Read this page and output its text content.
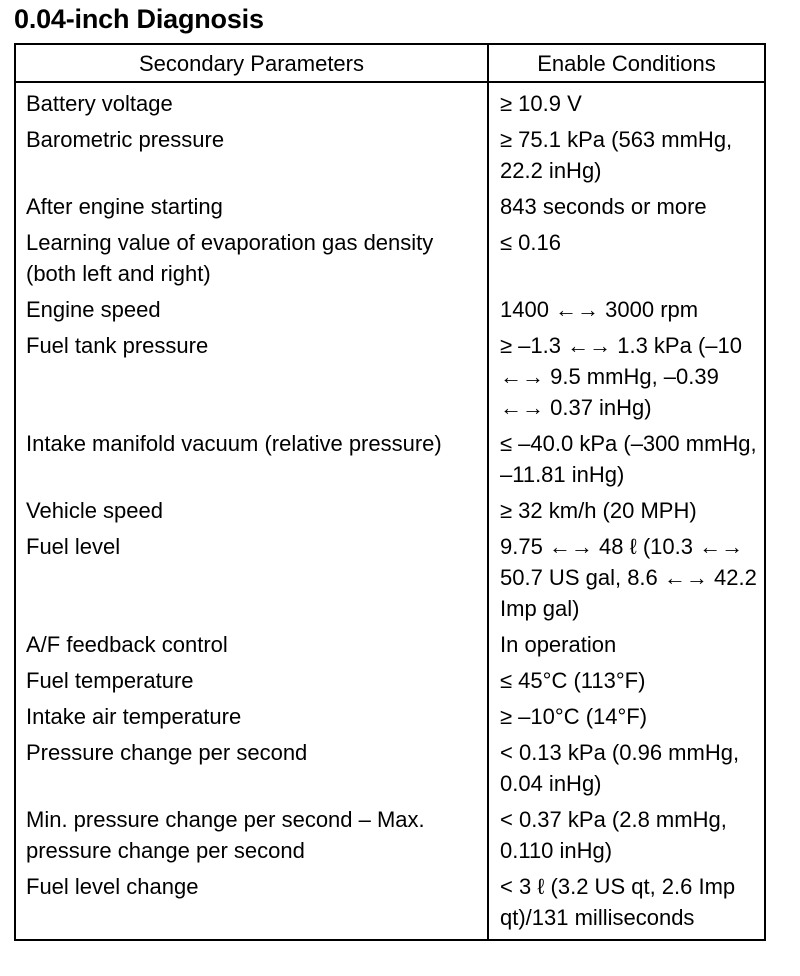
0.04-inch Diagnosis
Secondary Parameters	Enable Conditions
Battery voltage	≥ 10.9 V
Barometric pressure	≥ 75.1 kPa (563 mmHg, 22.2 inHg)
After engine starting	843 seconds or more
Learning value of evaporation gas density (both left and right)	≤ 0.16
Engine speed	1400 ←→ 3000 rpm
Fuel tank pressure	≥ –1.3 ←→ 1.3 kPa (–10 ←→ 9.5 mmHg, –0.39 ←→ 0.37 inHg)
Intake manifold vacuum (relative pressure)	≤ –40.0 kPa (–300 mmHg, –11.81 inHg)
Vehicle speed	≥ 32 km/h (20 MPH)
Fuel level	9.75 ←→ 48 ℓ (10.3 ←→ 50.7 US gal, 8.6 ←→ 42.2 Imp gal)
A/F feedback control	In operation
Fuel temperature	≤ 45°C (113°F)
Intake air temperature	≥ –10°C (14°F)
Pressure change per second	< 0.13 kPa (0.96 mmHg, 0.04 inHg)
Min. pressure change per second – Max. pressure change per second	< 0.37 kPa (2.8 mmHg, 0.110 inHg)
Fuel level change	< 3 ℓ (3.2 US qt, 2.6 Imp qt)/131 milliseconds
